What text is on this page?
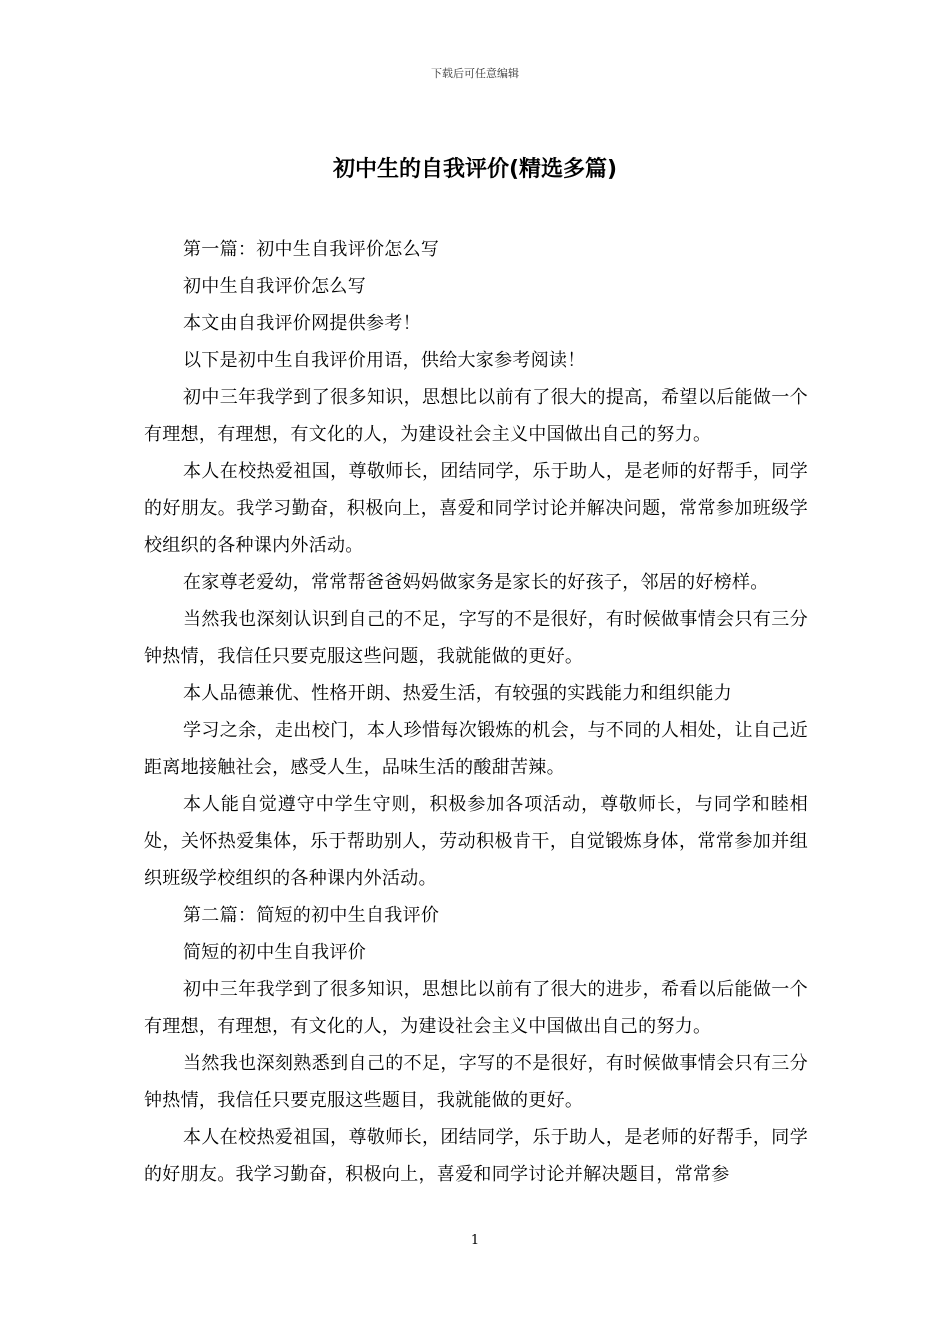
下载后可任意编辑
初中生的自我评价(精选多篇)

第一篇：初中生自我评价怎么写

初中生自我评价怎么写

本文由自我评价网提供参考！

以下是初中生自我评价用语，供给大家参考阅读！

初中三年我学到了很多知识，思想比以前有了很大的提高，希望以后能做一个有理想，有理想，有文化的人，为建设社会主义中国做出自己的努力。

本人在校热爱祖国，尊敬师长，团结同学，乐于助人，是老师的好帮手，同学的好朋友。我学习勤奋，积极向上，喜爱和同学讨论并解决问题，常常参加班级学校组织的各种课内外活动。

在家尊老爱幼，常常帮爸爸妈妈做家务是家长的好孩子，邻居的好榜样。

当然我也深刻认识到自己的不足，字写的不是很好，有时候做事情会只有三分钟热情，我信任只要克服这些问题，我就能做的更好。

本人品德兼优、性格开朗、热爱生活，有较强的实践能力和组织能力

学习之余，走出校门，本人珍惜每次锻炼的机会，与不同的人相处，让自己近距离地接触社会，感受人生，品味生活的酸甜苦辣。

本人能自觉遵守中学生守则，积极参加各项活动，尊敬师长，与同学和睦相处，关怀热爱集体，乐于帮助别人，劳动积极肯干，自觉锻炼身体，常常参加并组织班级学校组织的各种课内外活动。

第二篇：简短的初中生自我评价

简短的初中生自我评价

初中三年我学到了很多知识，思想比以前有了很大的进步，希看以后能做一个有理想，有理想，有文化的人，为建设社会主义中国做出自己的努力。

当然我也深刻熟悉到自己的不足，字写的不是很好，有时候做事情会只有三分钟热情，我信任只要克服这些题目，我就能做的更好。

本人在校热爱祖国，尊敬师长，团结同学，乐于助人，是老师的好帮手，同学的好朋友。我学习勤奋，积极向上，喜爱和同学讨论并解决题目，常常参

1
